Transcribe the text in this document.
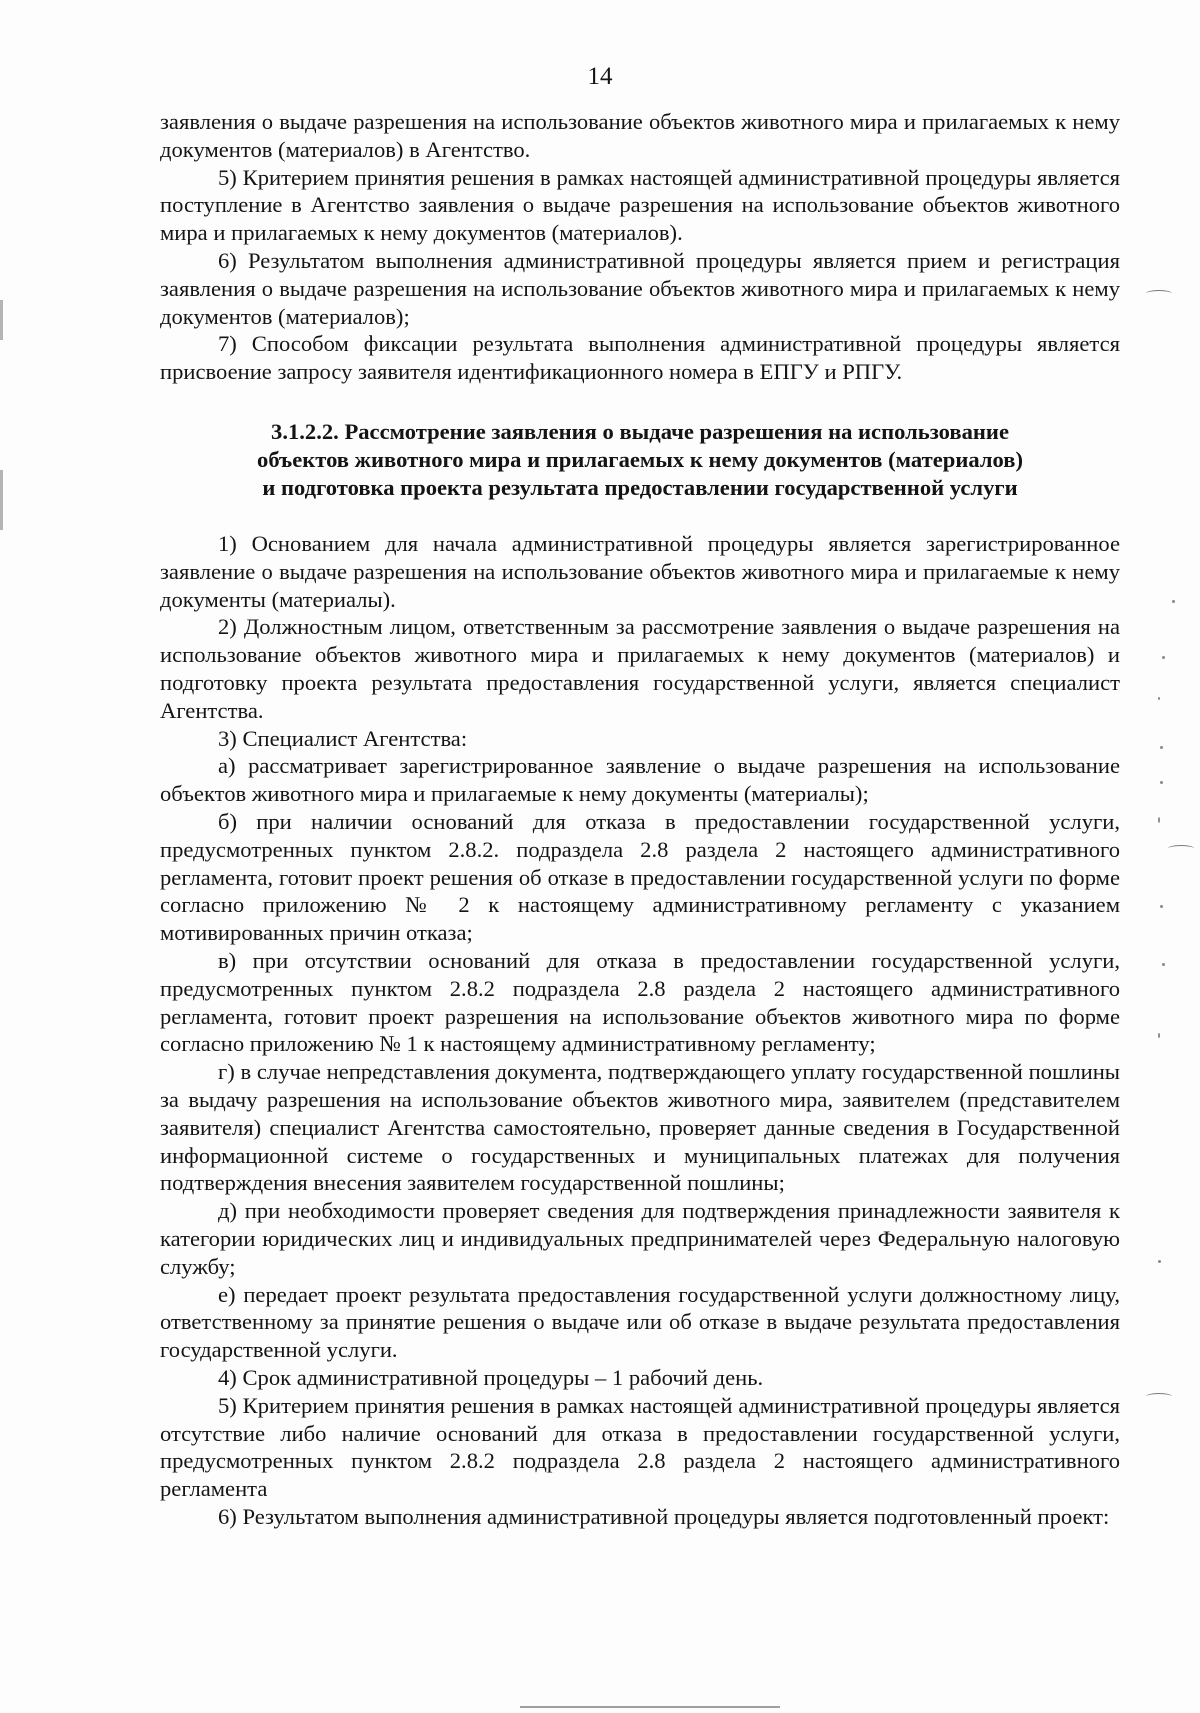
14

заявления о выдаче разрешения на использование объектов животного мира и прилагаемых к нему документов (материалов) в Агентство.

5) Критерием принятия решения в рамках настоящей административной процедуры является поступление в Агентство заявления о выдаче разрешения на использование объектов животного мира и прилагаемых к нему документов (материалов).

6) Результатом выполнения административной процедуры является прием и регистрация заявления о выдаче разрешения на использование объектов животного мира и прилагаемых к нему документов (материалов);

7) Способом фиксации результата выполнения административной процедуры является присвоение запросу заявителя идентификационного номера в ЕПГУ и РПГУ.

3.1.2.2. Рассмотрение заявления о выдаче разрешения на использование
объектов животного мира и прилагаемых к нему документов (материалов)
и подготовка проекта результата предоставлении государственной услуги

1) Основанием для начала административной процедуры является зарегистрированное заявление о выдаче разрешения на использование объектов животного мира и прилагаемые к нему документы (материалы).

2) Должностным лицом, ответственным за рассмотрение заявления о выдаче разрешения на использование объектов животного мира и прилагаемых к нему документов (материалов) и подготовку проекта результата предоставления государственной услуги, является специалист Агентства.

3) Специалист Агентства:

а) рассматривает зарегистрированное заявление о выдаче разрешения на использование объектов животного мира и прилагаемые к нему документы (материалы);

б) при наличии оснований для отказа в предоставлении государственной услуги, предусмотренных пунктом 2.8.2. подраздела 2.8 раздела 2 настоящего административного регламента, готовит проект решения об отказе в предоставлении государственной услуги по форме согласно приложению № 2 к настоящему административному регламенту с указанием мотивированных причин отказа;

в) при отсутствии оснований для отказа в предоставлении государственной услуги, предусмотренных пунктом 2.8.2 подраздела 2.8 раздела 2 настоящего административного регламента, готовит проект разрешения на использование объектов животного мира по форме согласно приложению № 1 к настоящему административному регламенту;

г) в случае непредставления документа, подтверждающего уплату государственной пошлины за выдачу разрешения на использование объектов животного мира, заявителем (представителем заявителя) специалист Агентства самостоятельно, проверяет данные сведения в Государственной информационной системе о государственных и муниципальных платежах для получения подтверждения внесения заявителем государственной пошлины;

д) при необходимости проверяет сведения для подтверждения принадлежности заявителя к категории юридических лиц и индивидуальных предпринимателей через Федеральную налоговую службу;

е) передает проект результата предоставления государственной услуги должностному лицу, ответственному за принятие решения о выдаче или об отказе в выдаче результата предоставления государственной услуги.

4) Срок административной процедуры – 1 рабочий день.

5) Критерием принятия решения в рамках настоящей административной процедуры является отсутствие либо наличие оснований для отказа в предоставлении государственной услуги, предусмотренных пунктом 2.8.2 подраздела 2.8 раздела 2 настоящего административного регламента

6) Результатом выполнения административной процедуры является подготовленный проект:
